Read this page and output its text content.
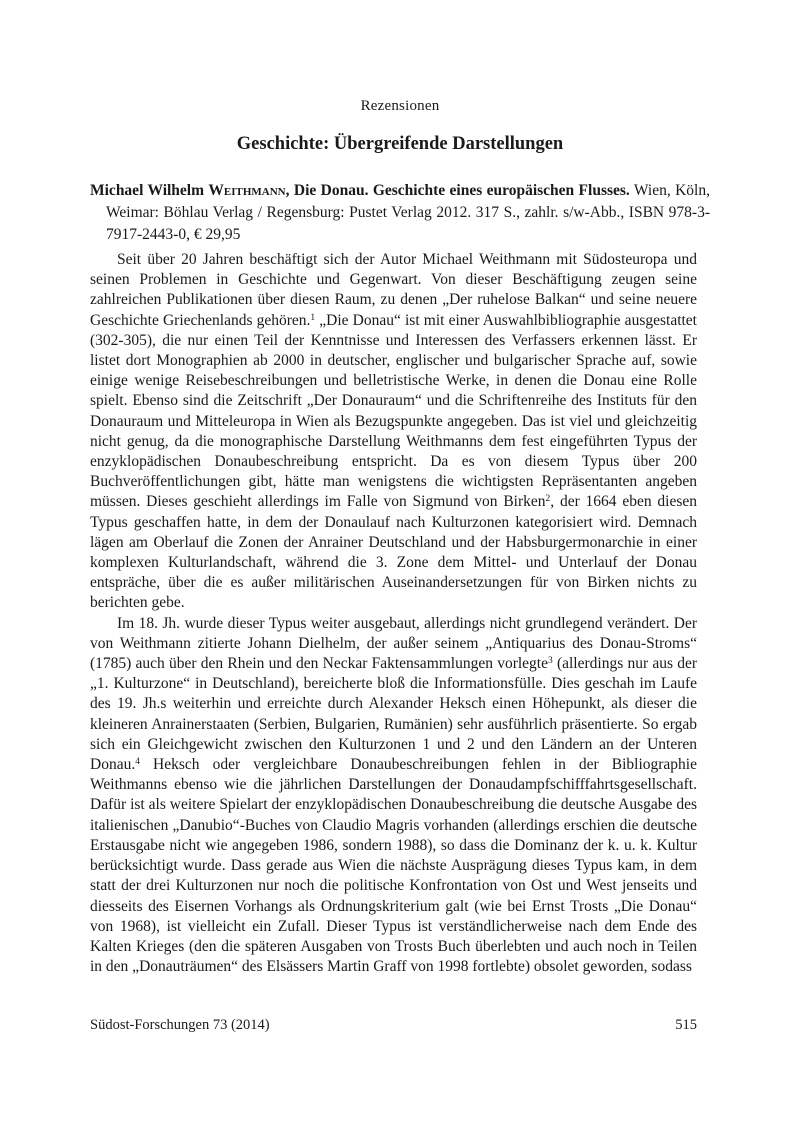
Rezensionen
Geschichte: Übergreifende Darstellungen
Michael Wilhelm Weithmann, Die Donau. Geschichte eines europäischen Flusses. Wien, Köln, Weimar: Böhlau Verlag / Regensburg: Pustet Verlag 2012. 317 S., zahlr. s/w-Abb., ISBN 978-3-7917-2443-0, € 29,95

Seit über 20 Jahren beschäftigt sich der Autor Michael Weithmann mit Südosteuropa und seinen Problemen in Geschichte und Gegenwart. Von dieser Beschäftigung zeugen seine zahlreichen Publikationen über diesen Raum, zu denen „Der ruhelose Balkan“ und seine neuere Geschichte Griechenlands gehören.$^1$ „Die Donau“ ist mit einer Auswahlbibliographie ausgestattet (302-305), die nur einen Teil der Kenntnisse und Interessen des Verfassers erkennen lässt. Er listet dort Monographien ab 2000 in deutscher, englischer und bulgarischer Sprache auf, sowie einige wenige Reisebeschreibungen und belletristische Werke, in denen die Donau eine Rolle spielt. Ebenso sind die Zeitschrift „Der Donauraum“ und die Schriftenreihe des Instituts für den Donauraum und Mitteleuropa in Wien als Bezugspunkte angegeben. Das ist viel und gleichzeitig nicht genug, da die monographische Darstellung Weithmanns dem fest eingeführten Typus der enzyklopädischen Donaubeschreibung entspricht. Da es von diesem Typus über 200 Buchveröffentlichungen gibt, hätte man wenigstens die wichtigsten Repräsentanten angeben müssen. Dieses geschieht allerdings im Falle von Sigmund von Birken$^2$, der 1664 eben diesen Typus geschaffen hatte, in dem der Donaulauf nach Kulturzonen kategorisiert wird. Demnach lägen am Oberlauf die Zonen der Anrainer Deutschland und der Habsburgermonarchie in einer komplexen Kulturlandschaft, während die 3. Zone dem Mittel- und Unterlauf der Donau entspräche, über die es außer militärischen Auseinandersetzungen für von Birken nichts zu berichten gebe.

Im 18. Jh. wurde dieser Typus weiter ausgebaut, allerdings nicht grundlegend verändert. Der von Weithmann zitierte Johann Dielhelm, der außer seinem „Antiquarius des Donau-Stroms“ (1785) auch über den Rhein und den Neckar Faktensammlungen vorlegte$^3$ (allerdings nur aus der „1. Kulturzone“ in Deutschland), bereicherte bloß die Informationsfülle. Dies geschah im Laufe des 19. Jh.s weiterhin und erreichte durch Alexander Heksch einen Höhepunkt, als dieser die kleineren Anrainerstaaten (Serbien, Bulgarien, Rumänien) sehr ausführlich präsentierte. So ergab sich ein Gleichgewicht zwischen den Kulturzonen 1 und 2 und den Ländern an der Unteren Donau.$^4$ Heksch oder vergleichbare Donaubeschreibungen fehlen in der Bibliographie Weithmanns ebenso wie die jährlichen Darstellungen der Donaudampfschifffahrtsgesellschaft. Dafür ist als weitere Spielart der enzyklopädischen Donaubeschreibung die deutsche Ausgabe des italienischen „Danubio“-Buches von Claudio Magris vorhanden (allerdings erschien die deutsche Erstausgabe nicht wie angegeben 1986, sondern 1988), so dass die Dominanz der k. u. k. Kultur berücksichtigt wurde. Dass gerade aus Wien die nächste Ausprägung dieses Typus kam, in dem statt der drei Kulturzonen nur noch die politische Konfrontation von Ost und West jenseits und diesseits des Eisernen Vorhangs als Ordnungskriterium galt (wie bei Ernst Trosts „Die Donau“ von 1968), ist vielleicht ein Zufall. Dieser Typus ist verständlicherweise nach dem Ende des Kalten Krieges (den die späteren Ausgaben von Trosts Buch überlebten und auch noch in Teilen in den „Donauträumen“ des Elsässers Martin Graff von 1998 fortlebte) obsolet geworden, sodass

Südost-Forschungen 73 (2014)	515
